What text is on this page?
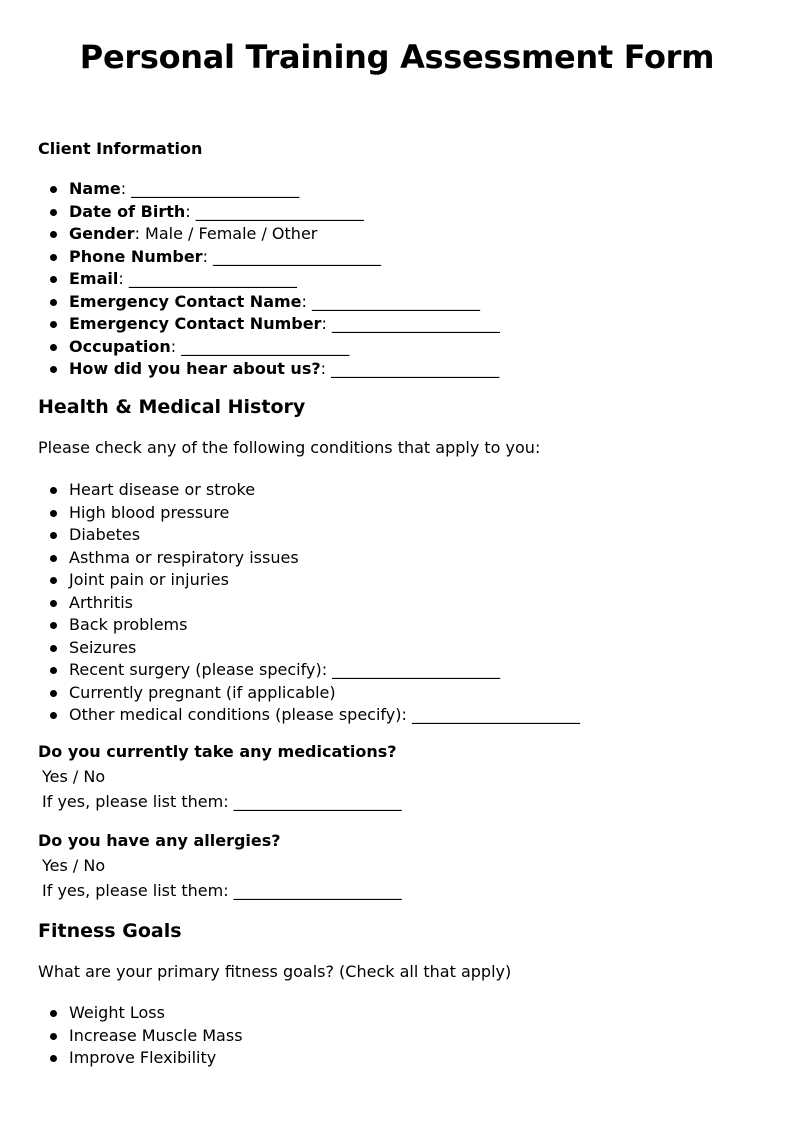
Personal Training Assessment Form
Client Information
Name: _____________________
Date of Birth: _____________________
Gender: Male / Female / Other
Phone Number: _____________________
Email: _____________________
Emergency Contact Name: _____________________
Emergency Contact Number: _____________________
Occupation: _____________________
How did you hear about us?: _____________________
Health & Medical History
Please check any of the following conditions that apply to you:
Heart disease or stroke
High blood pressure
Diabetes
Asthma or respiratory issues
Joint pain or injuries
Arthritis
Back problems
Seizures
Recent surgery (please specify): _____________________
Currently pregnant (if applicable)
Other medical conditions (please specify): _____________________
Do you currently take any medications?
Yes / No
If yes, please list them: _____________________
Do you have any allergies?
Yes / No
If yes, please list them: _____________________
Fitness Goals
What are your primary fitness goals? (Check all that apply)
Weight Loss
Increase Muscle Mass
Improve Flexibility
